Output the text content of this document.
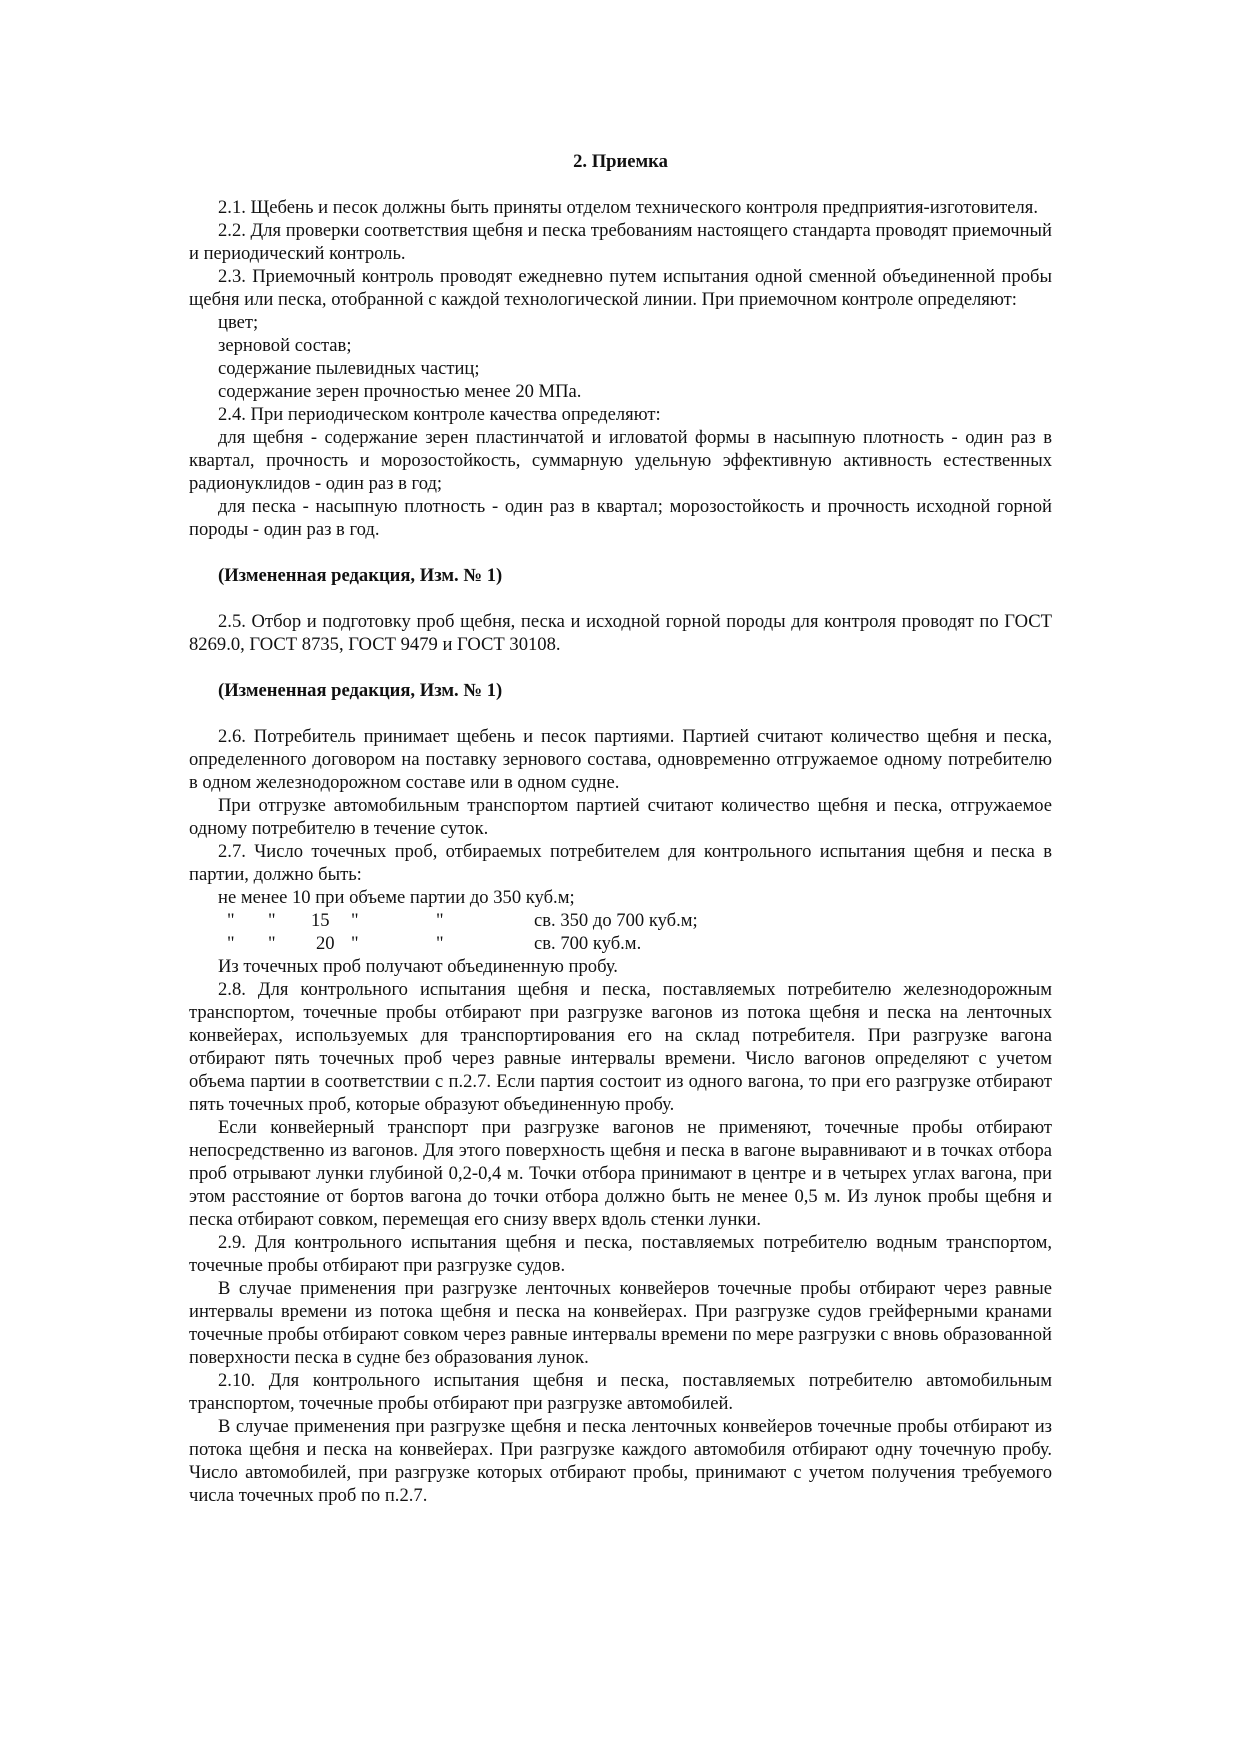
2. Приемка

2.1. Щебень и песок должны быть приняты отделом технического контроля предприятия-изготовителя.

2.2. Для проверки соответствия щебня и песка требованиям настоящего стандарта проводят приемочный и периодический контроль.

2.3. Приемочный контроль проводят ежедневно путем испытания одной сменной объединенной пробы щебня или песка, отобранной с каждой технологической линии. При приемочном контроле определяют:

цвет;

зерновой состав;

содержание пылевидных частиц;

содержание зерен прочностью менее 20 МПа.

2.4. При периодическом контроле качества определяют:

для щебня - содержание зерен пластинчатой и игловатой формы в насыпную плотность - один раз в квартал, прочность и морозостойкость, суммарную удельную эффективную активность естественных радионуклидов - один раз в год;

для песка - насыпную плотность - один раз в квартал; морозостойкость и прочность исходной горной породы - один раз в год.

(Измененная редакция, Изм. № 1)

2.5. Отбор и подготовку проб щебня, песка и исходной горной породы для контроля проводят по ГОСТ 8269.0, ГОСТ 8735, ГОСТ 9479 и ГОСТ 30108.

(Измененная редакция, Изм. № 1)

2.6. Потребитель принимает щебень и песок партиями. Партией считают количество щебня и песка, определенного договором на поставку зернового состава, одновременно отгружаемое одному потребителю в одном железнодорожном составе или в одном судне.

При отгрузке автомобильным транспортом партией считают количество щебня и песка, отгружаемое одному потребителю в течение суток.

2.7. Число точечных проб, отбираемых потребителем для контрольного испытания щебня и песка в партии, должно быть:

не менее 10 при объеме партии до 350 куб.м;

" " 15 "	"	св. 350 до 700 куб.м;
" " 20 "	"	св. 700 куб.м.

Из точечных проб получают объединенную пробу.

2.8. Для контрольного испытания щебня и песка, поставляемых потребителю железнодорожным транспортом, точечные пробы отбирают при разгрузке вагонов из потока щебня и песка на ленточных конвейерах, используемых для транспортирования его на склад потребителя. При разгрузке вагона отбирают пять точечных проб через равные интервалы времени. Число вагонов определяют с учетом объема партии в соответствии с п.2.7. Если партия состоит из одного вагона, то при его разгрузке отбирают пять точечных проб, которые образуют объединенную пробу.

Если конвейерный транспорт при разгрузке вагонов не применяют, точечные пробы отбирают непосредственно из вагонов. Для этого поверхность щебня и песка в вагоне выравнивают и в точках отбора проб отрывают лунки глубиной 0,2-0,4 м. Точки отбора принимают в центре и в четырех углах вагона, при этом расстояние от бортов вагона до точки отбора должно быть не менее 0,5 м. Из лунок пробы щебня и песка отбирают совком, перемещая его снизу вверх вдоль стенки лунки.

2.9. Для контрольного испытания щебня и песка, поставляемых потребителю водным транспортом, точечные пробы отбирают при разгрузке судов.

В случае применения при разгрузке ленточных конвейеров точечные пробы отбирают через равные интервалы времени из потока щебня и песка на конвейерах. При разгрузке судов грейферными кранами точечные пробы отбирают совком через равные интервалы времени по мере разгрузки с вновь образованной поверхности песка в судне без образования лунок.

2.10. Для контрольного испытания щебня и песка, поставляемых потребителю автомобильным транспортом, точечные пробы отбирают при разгрузке автомобилей.

В случае применения при разгрузке щебня и песка ленточных конвейеров точечные пробы отбирают из потока щебня и песка на конвейерах. При разгрузке каждого автомобиля отбирают одну точечную пробу. Число автомобилей, при разгрузке которых отбирают пробы, принимают с учетом получения требуемого числа точечных проб по п.2.7.
